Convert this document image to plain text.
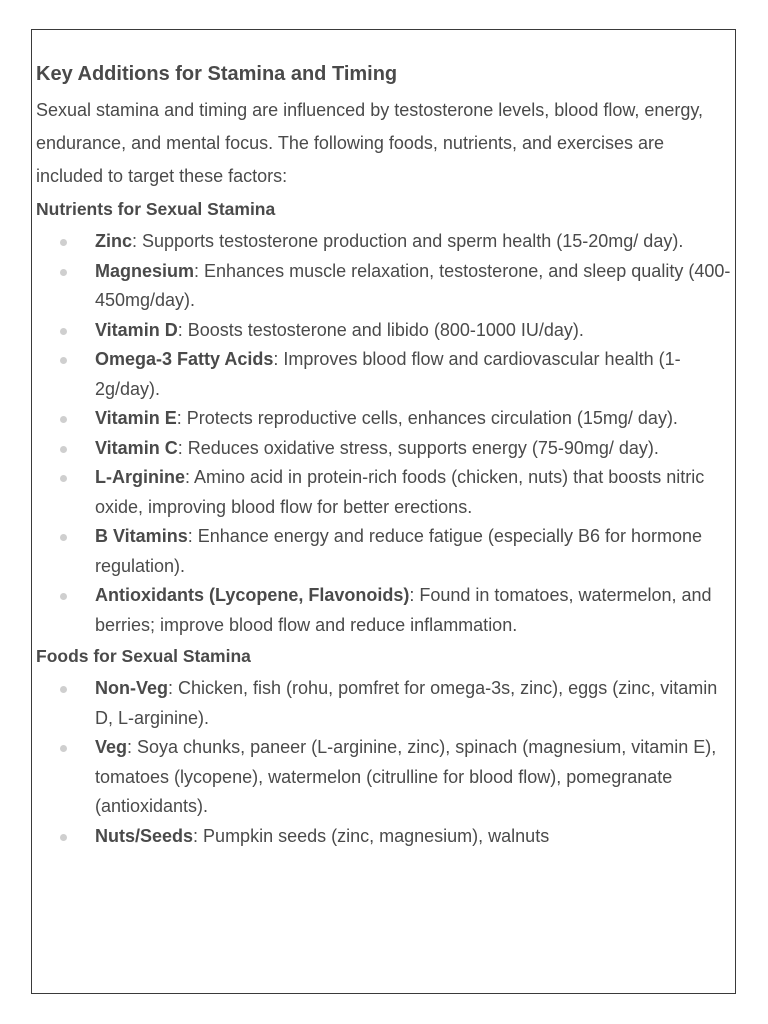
Key Additions for Stamina and Timing

Sexual stamina and timing are influenced by testosterone levels, blood flow, energy, endurance, and mental focus. The following foods, nutrients, and exercises are included to target these factors:

Nutrients for Sexual Stamina
Zinc: Supports testosterone production and sperm health (15-20mg/ day).
Magnesium: Enhances muscle relaxation, testosterone, and sleep quality (400-450mg/day).
Vitamin D: Boosts testosterone and libido (800-1000 IU/day).
Omega-3 Fatty Acids: Improves blood flow and cardiovascular health (1-2g/day).
Vitamin E: Protects reproductive cells, enhances circulation (15mg/ day).
Vitamin C: Reduces oxidative stress, supports energy (75-90mg/ day).
L-Arginine: Amino acid in protein-rich foods (chicken, nuts) that boosts nitric oxide, improving blood flow for better erections.
B Vitamins: Enhance energy and reduce fatigue (especially B6 for hormone regulation).
Antioxidants (Lycopene, Flavonoids): Found in tomatoes, watermelon, and berries; improve blood flow and reduce inflammation.
Foods for Sexual Stamina
Non-Veg: Chicken, fish (rohu, pomfret for omega-3s, zinc), eggs (zinc, vitamin D, L-arginine).
Veg: Soya chunks, paneer (L-arginine, zinc), spinach (magnesium, vitamin E), tomatoes (lycopene), watermelon (citrulline for blood flow), pomegranate (antioxidants).
Nuts/Seeds: Pumpkin seeds (zinc, magnesium), walnuts
